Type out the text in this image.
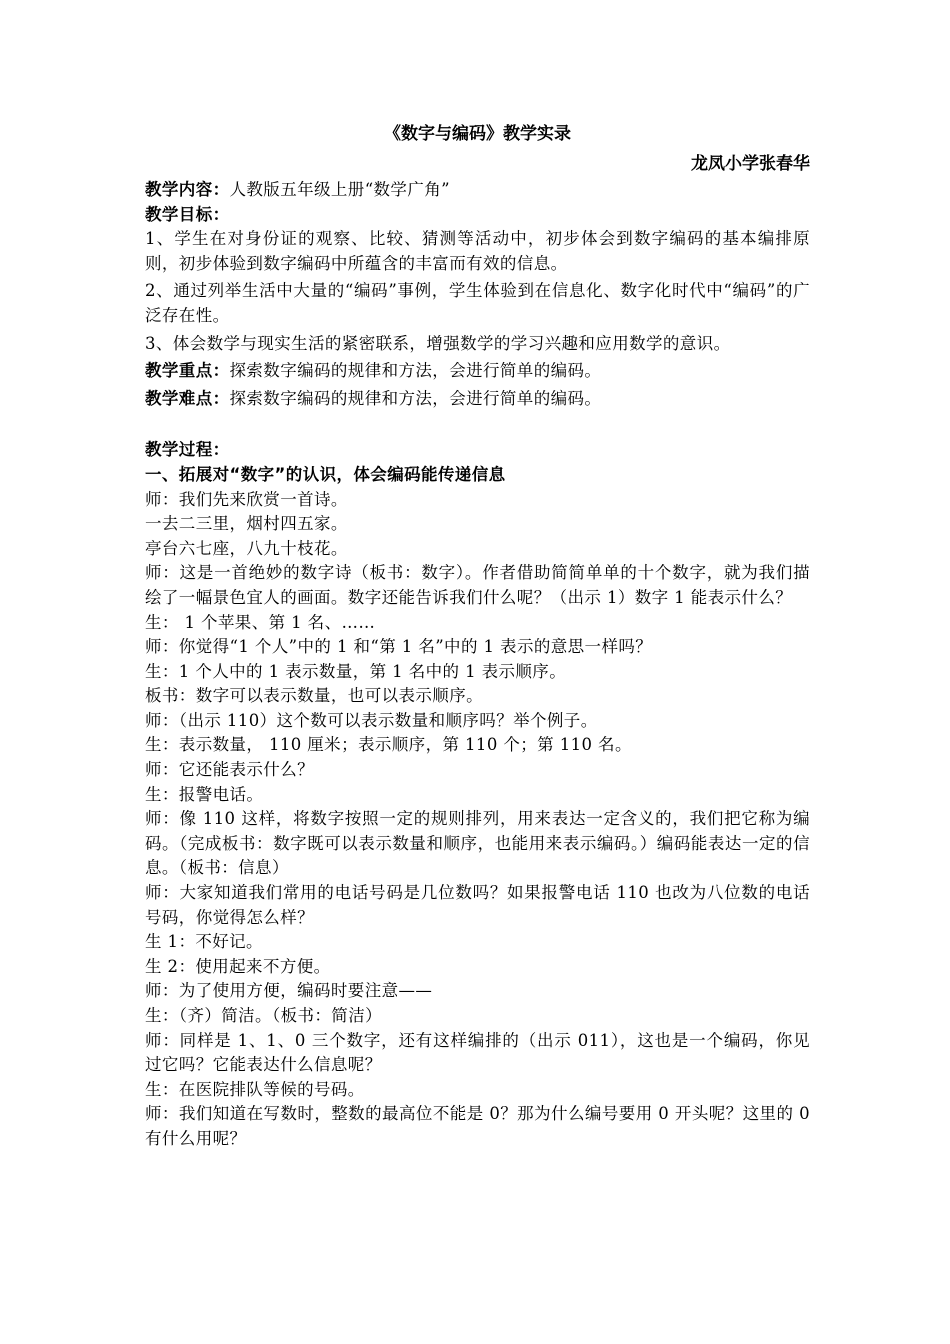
《数字与编码》教学实录
龙凤小学张春华

教学内容：人教版五年级上册“数学广角”

教学目标：

1、学生在对身份证的观察、比较、猜测等活动中，初步体会到数字编码的基本编排原则，初步体验到数字编码中所蕴含的丰富而有效的信息。

2、通过列举生活中大量的“编码”事例，学生体验到在信息化、数字化时代中“编码”的广泛存在性。

3、体会数学与现实生活的紧密联系，增强数学的学习兴趣和应用数学的意识。

教学重点：探索数字编码的规律和方法，会进行简单的编码。

教学难点：探索数字编码的规律和方法，会进行简单的编码。

教学过程：

一、拓展对“数字”的认识，体会编码能传递信息

师：我们先来欣赏一首诗。

一去二三里，烟村四五家。

亭台六七座，八九十枝花。

师：这是一首绝妙的数字诗（板书：数字）。作者借助简简单单的十个数字，就为我们描绘了一幅景色宜人的画面。数字还能告诉我们什么呢？（出示 1）数字 1 能表示什么？

生： 1 个苹果、第 1 名、……

师：你觉得“1 个人”中的 1 和“第 1 名”中的 1 表示的意思一样吗？

生：1 个人中的 1 表示数量，第 1 名中的 1 表示顺序。

板书：数字可以表示数量，也可以表示顺序。

师：（出示 110）这个数可以表示数量和顺序吗？举个例子。

生：表示数量， 110 厘米；表示顺序，第 110 个；第 110 名。

师：它还能表示什么？

生：报警电话。

师：像 110 这样，将数字按照一定的规则排列，用来表达一定含义的，我们把它称为编码。（完成板书：数字既可以表示数量和顺序，也能用来表示编码。）编码能表达一定的信息。（板书：信息）

师：大家知道我们常用的电话号码是几位数吗？如果报警电话 110 也改为八位数的电话号码，你觉得怎么样？

生 1：不好记。

生 2：使用起来不方便。

师：为了使用方便，编码时要注意——

生：（齐）简洁。（板书：简洁）

师：同样是 1、1、0 三个数字，还有这样编排的（出示 011），这也是一个编码，你见过它吗？它能表达什么信息呢？

生：在医院排队等候的号码。

师：我们知道在写数时，整数的最高位不能是 0？那为什么编号要用 0 开头呢？这里的 0 有什么用呢？
